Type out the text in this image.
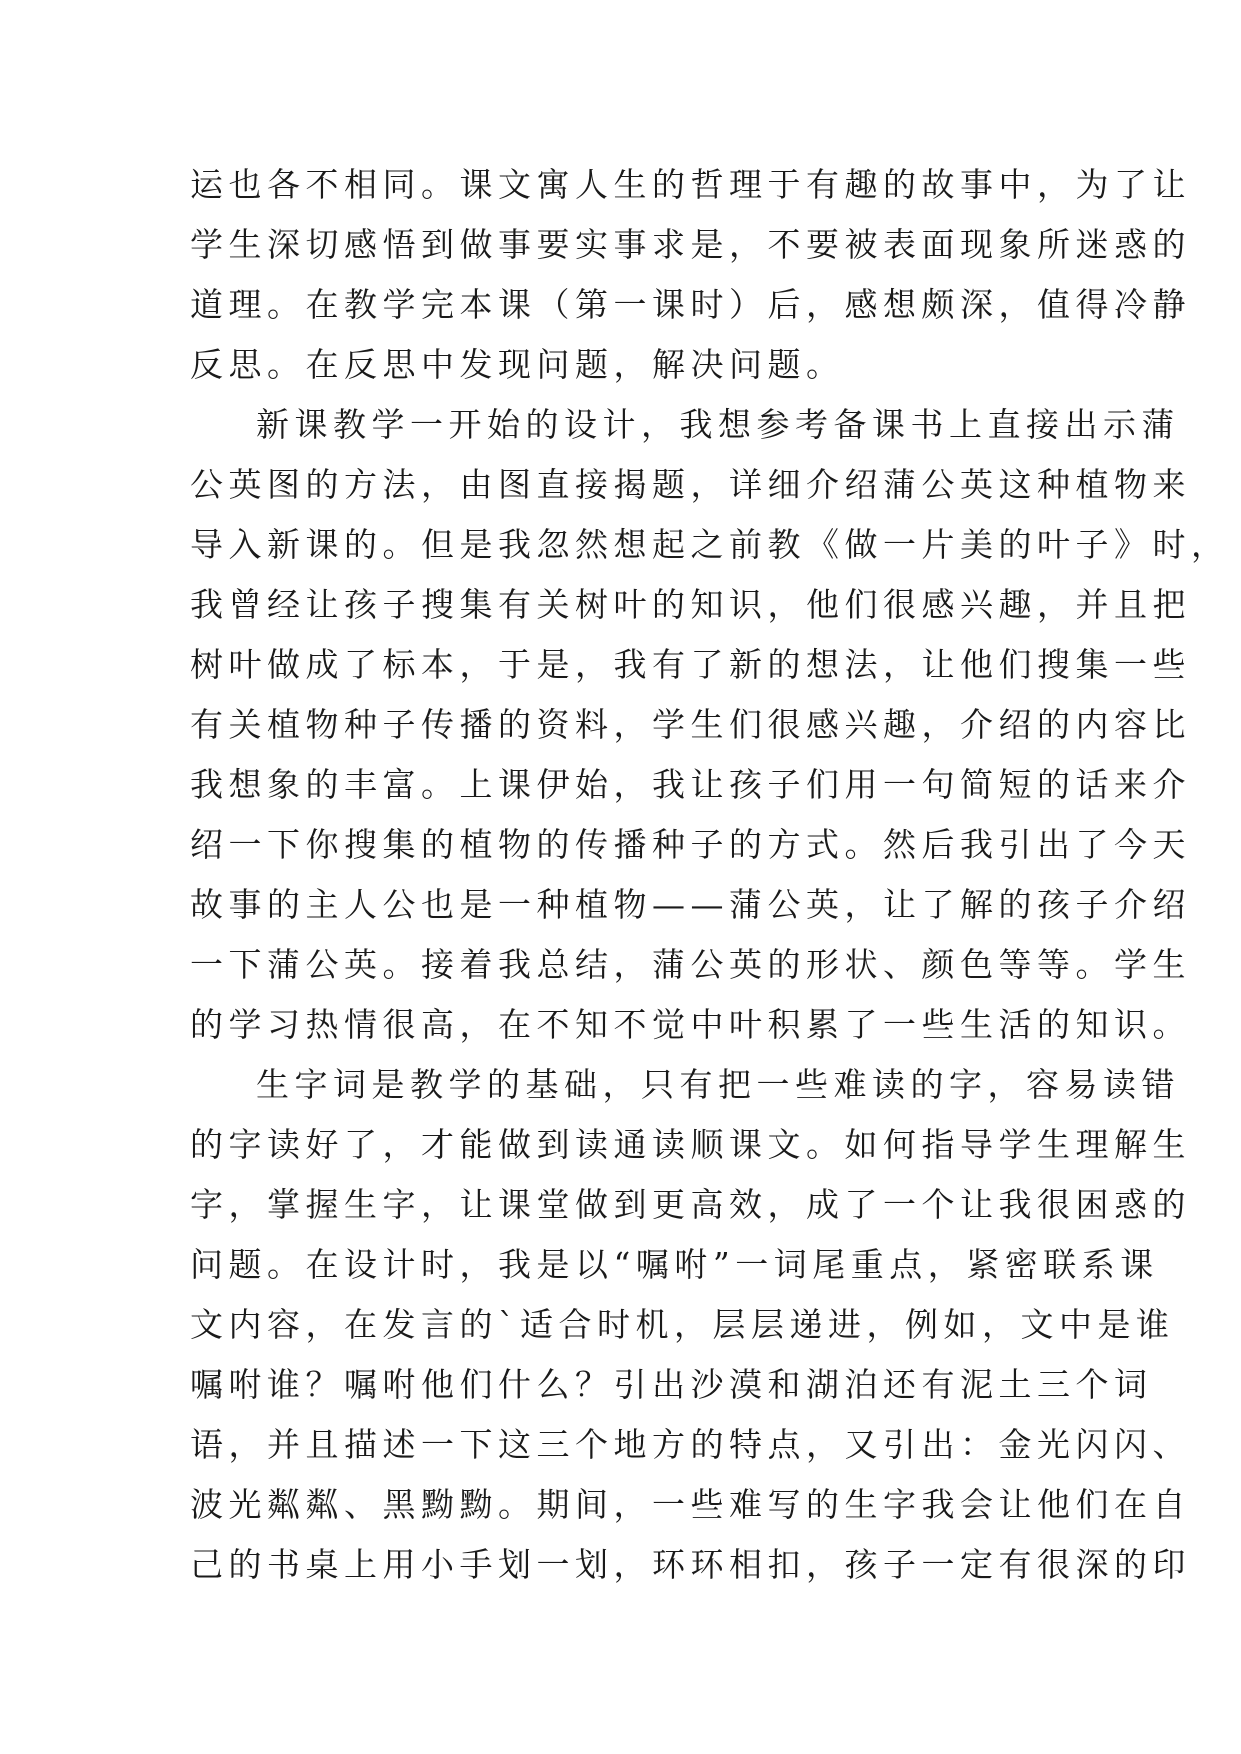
运也各不相同。课文寓人生的哲理于有趣的故事中，为了让
学生深切感悟到做事要实事求是，不要被表面现象所迷惑的
道理。在教学完本课（第一课时）后，感想颇深，值得冷静
反思。在反思中发现问题，解决问题。
新课教学一开始的设计，我想参考备课书上直接出示蒲
公英图的方法，由图直接揭题，详细介绍蒲公英这种植物来
导入新课的。但是我忽然想起之前教《做一片美的叶子》时，
我曾经让孩子搜集有关树叶的知识，他们很感兴趣，并且把
树叶做成了标本，于是，我有了新的想法，让他们搜集一些
有关植物种子传播的资料，学生们很感兴趣，介绍的内容比
我想象的丰富。上课伊始，我让孩子们用一句简短的话来介
绍一下你搜集的植物的传播种子的方式。然后我引出了今天
故事的主人公也是一种植物——蒲公英，让了解的孩子介绍
一下蒲公英。接着我总结，蒲公英的形状、颜色等等。学生
的学习热情很高，在不知不觉中叶积累了一些生活的知识。
生字词是教学的基础，只有把一些难读的字，容易读错
的字读好了，才能做到读通读顺课文。如何指导学生理解生
字，掌握生字，让课堂做到更高效，成了一个让我很困惑的
问题。在设计时，我是以“嘱咐”一词尾重点，紧密联系课
文内容，在发言的`适合时机，层层递进，例如，文中是谁
嘱咐谁？嘱咐他们什么？引出沙漠和湖泊还有泥土三个词
语，并且描述一下这三个地方的特点，又引出：金光闪闪、
波光粼粼、黑黝黝。期间，一些难写的生字我会让他们在自
己的书桌上用小手划一划，环环相扣，孩子一定有很深的印
